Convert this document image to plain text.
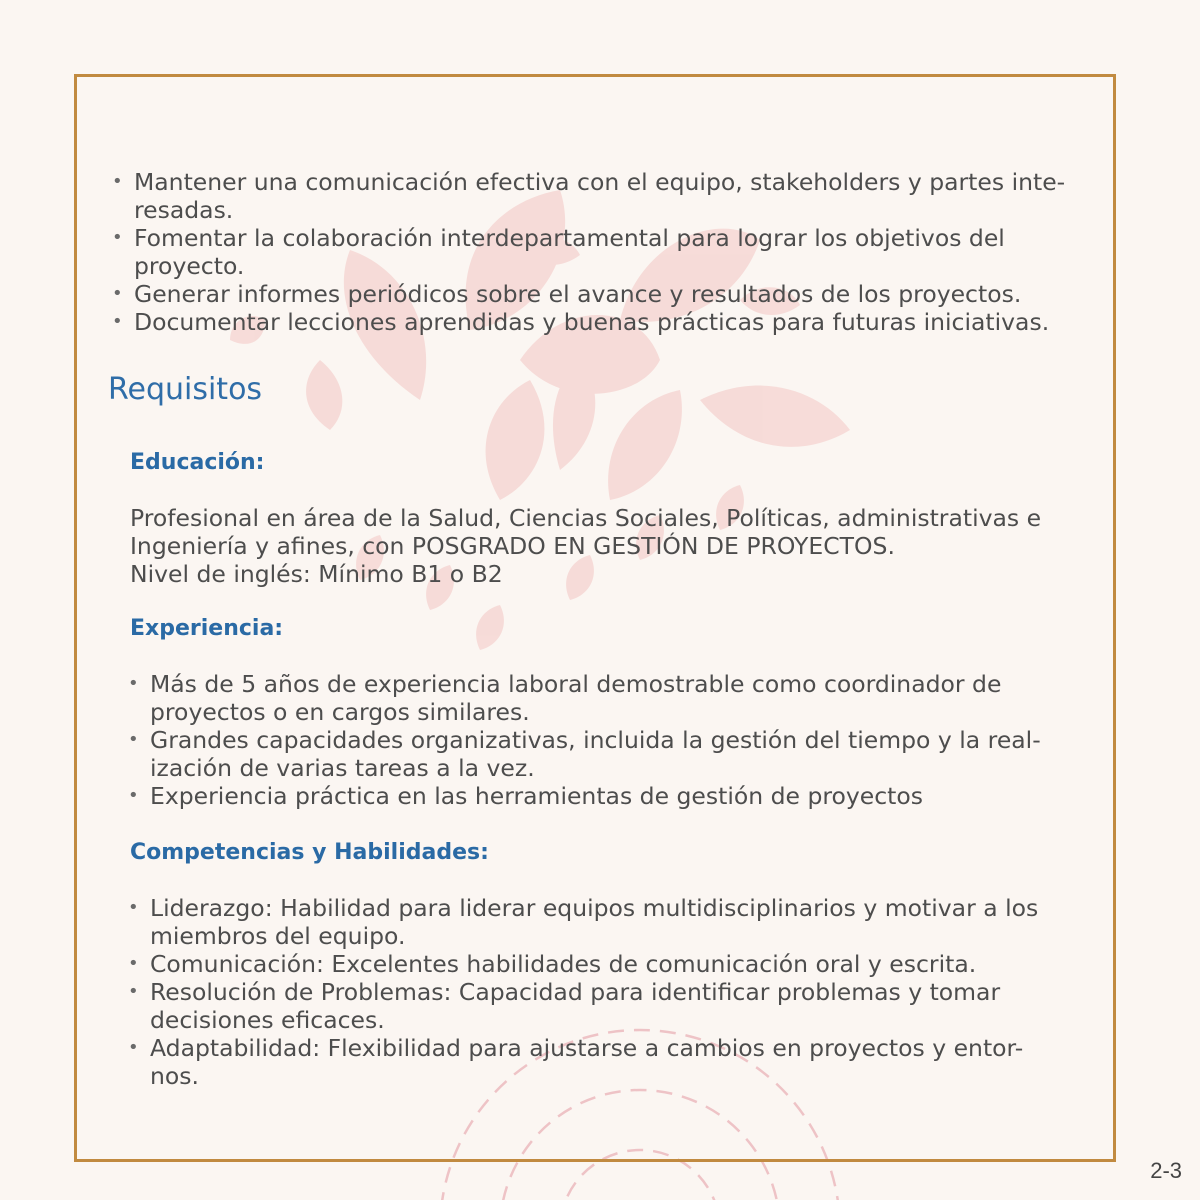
• Mantener una comunicación efectiva con el equipo, stakeholders y partes inte-resadas.
• Fomentar la colaboración interdepartamental para lograr los objetivos del proyecto.
• Generar informes periódicos sobre el avance y resultados de los proyectos.
• Documentar lecciones aprendidas y buenas prácticas para futuras iniciativas.
Requisitos
Educación:

Profesional en área de la Salud, Ciencias Sociales, Políticas, administrativas e
Ingeniería y afines, con POSGRADO EN GESTIÓN DE PROYECTOS.
Nivel de inglés: Mínimo B1 o B2

Experiencia:
• Más de 5 años de experiencia laboral demostrable como coordinador de proyectos o en cargos similares.
• Grandes capacidades organizativas, incluida la gestión del tiempo y la real-ización de varias tareas a la vez.
• Experiencia práctica en las herramientas de gestión de proyectos
Competencias y Habilidades:
• Liderazgo: Habilidad para liderar equipos multidisciplinarios y motivar a los miembros del equipo.
• Comunicación: Excelentes habilidades de comunicación oral y escrita.
• Resolución de Problemas: Capacidad para identificar problemas y tomar decisiones eficaces.
• Adaptabilidad: Flexibilidad para ajustarse a cambios en proyectos y entor-nos.
2-3
